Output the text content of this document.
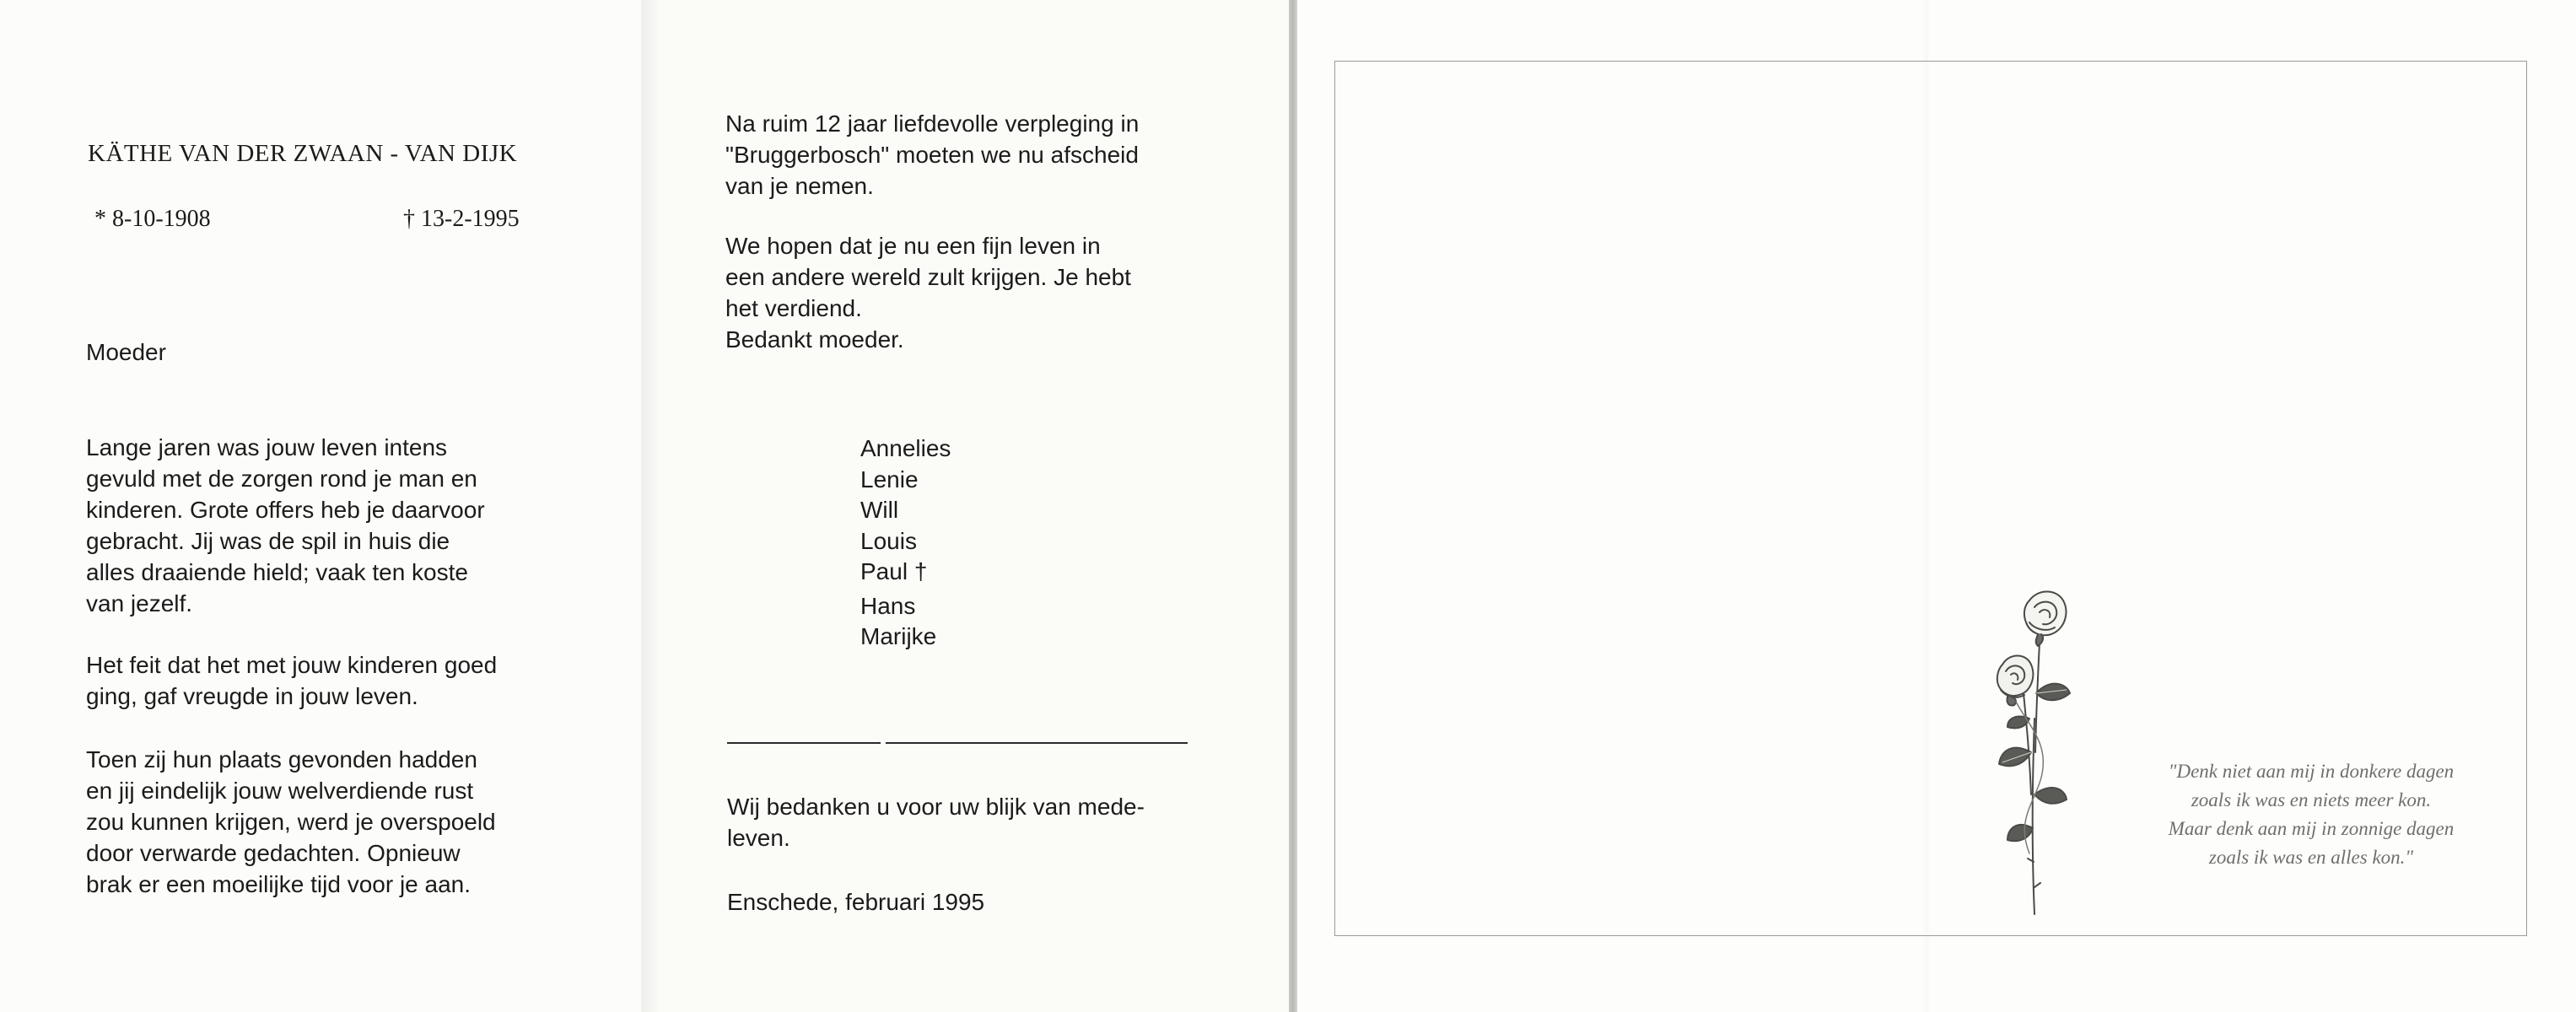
KÄTHE VAN DER ZWAAN - VAN DIJK
* 8-10-1908	† 13-2-1995
Moeder
Lange jaren was jouw leven intens
gevuld met de zorgen rond je man en
kinderen. Grote offers heb je daarvoor
gebracht. Jij was de spil in huis die
alles draaiende hield; vaak ten koste
van jezelf.
Het feit dat het met jouw kinderen goed
ging, gaf vreugde in jouw leven.
Toen zij hun plaats gevonden hadden
en jij eindelijk jouw welverdiende rust
zou kunnen krijgen, werd je overspoeld
door verwarde gedachten. Opnieuw
brak er een moeilijke tijd voor je aan.
Na ruim 12 jaar liefdevolle verpleging in
"Bruggerbosch" moeten we nu afscheid
van je nemen.
We hopen dat je nu een fijn leven in
een andere wereld zult krijgen. Je hebt
het verdiend.
Bedankt moeder.
Annelies
Lenie
Will
Louis
Paul †
Hans
Marijke
Wij bedanken u voor uw blijk van mede-
leven.
Enschede, februari 1995
"Denk niet aan mij in donkere dagen
zoals ik was en niets meer kon.
Maar denk aan mij in zonnige dagen
zoals ik was en alles kon."
